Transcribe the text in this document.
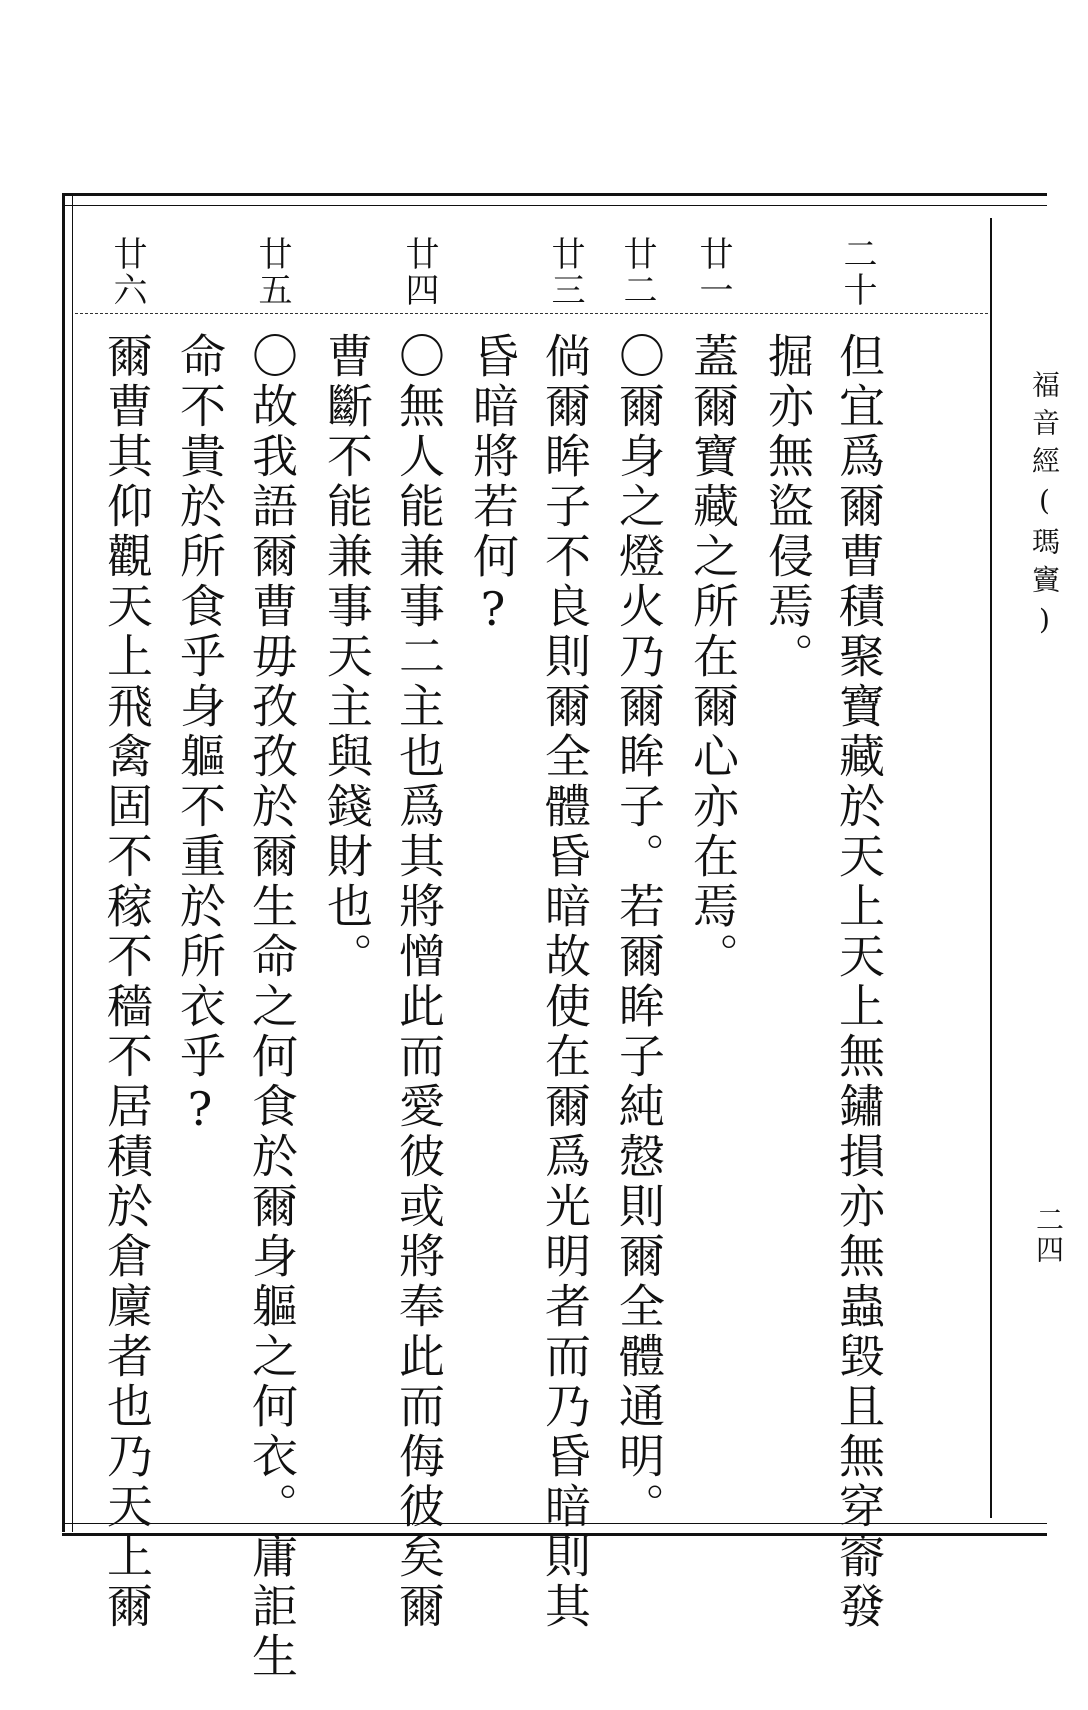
福音經(瑪竇)
二四
二十
但宜爲爾曹積聚寶藏於天上天上無鏽損亦無蟲毀且無穿窬發
掘亦無盜侵焉。
廿一
蓋爾寶藏之所在爾心亦在焉。
廿二
〇爾身之燈火乃爾眸子。若爾眸子純慤則爾全體通明。
廿三
倘爾眸子不良則爾全體昏暗故使在爾爲光明者而乃昏暗則其
昏暗將若何?
廿四
〇無人能兼事二主也爲其將憎此而愛彼或將奉此而侮彼矣爾
曹斷不能兼事天主與錢財也。
廿五
〇故我語爾曹毋孜孜於爾生命之何食於爾身軀之何衣。庸詎生
命不貴於所食乎身軀不重於所衣乎?
廿六
爾曹其仰觀天上飛禽固不稼不穡不居積於倉廩者也乃天上爾
